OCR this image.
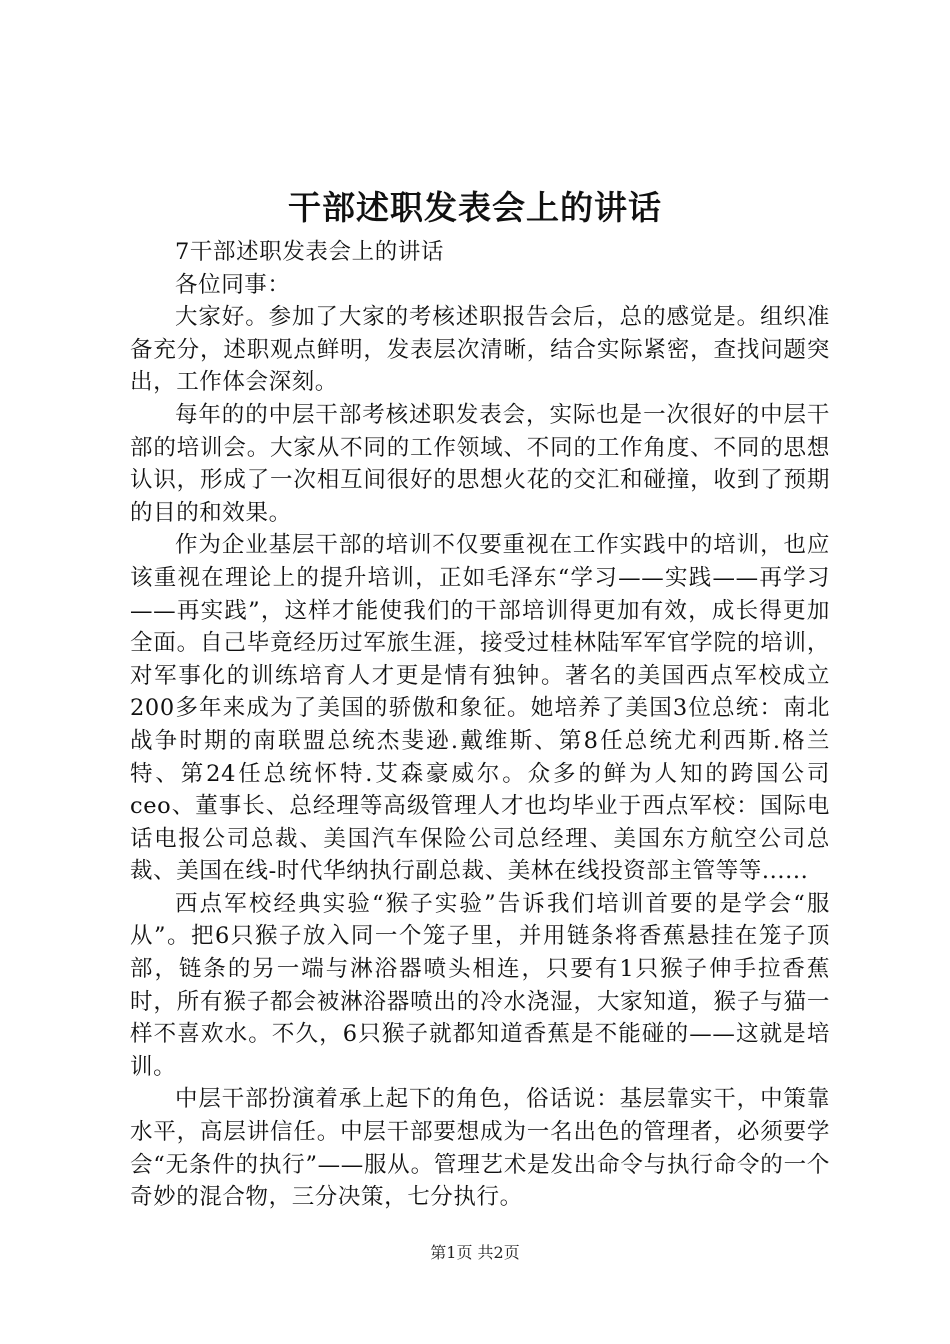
干部述职发表会上的讲话

7干部述职发表会上的讲话

各位同事：

大家好。参加了大家的考核述职报告会后，总的感觉是。组织准备充分，述职观点鲜明，发表层次清晰，结合实际紧密，查找问题突出，工作体会深刻。

每年的的中层干部考核述职发表会，实际也是一次很好的中层干部的培训会。大家从不同的工作领域、不同的工作角度、不同的思想认识，形成了一次相互间很好的思想火花的交汇和碰撞，收到了预期的目的和效果。

作为企业基层干部的培训不仅要重视在工作实践中的培训，也应该重视在理论上的提升培训，正如毛泽东“学习——实践——再学习——再实践”，这样才能使我们的干部培训得更加有效，成长得更加全面。自己毕竟经历过军旅生涯，接受过桂林陆军军官学院的培训，对军事化的训练培育人才更是情有独钟。著名的美国西点军校成立200多年来成为了美国的骄傲和象征。她培养了美国3位总统：南北战争时期的南联盟总统杰斐逊.戴维斯、第8任总统尤利西斯.格兰特、第24任总统怀特.艾森豪威尔。众多的鲜为人知的跨国公司ceo、董事长、总经理等高级管理人才也均毕业于西点军校：国际电话电报公司总裁、美国汽车保险公司总经理、美国东方航空公司总裁、美国在线-时代华纳执行副总裁、美林在线投资部主管等等......

西点军校经典实验“猴子实验”告诉我们培训首要的是学会“服从”。把6只猴子放入同一个笼子里，并用链条将香蕉悬挂在笼子顶部，链条的另一端与淋浴器喷头相连，只要有1只猴子伸手拉香蕉时，所有猴子都会被淋浴器喷出的冷水浇湿，大家知道，猴子与猫一样不喜欢水。不久，6只猴子就都知道香蕉是不能碰的——这就是培训。

中层干部扮演着承上起下的角色，俗话说：基层靠实干，中策靠水平，高层讲信任。中层干部要想成为一名出色的管理者，必须要学会“无条件的执行”——服从。管理艺术是发出命令与执行命令的一个奇妙的混合物，三分决策，七分执行。

第1页 共2页
